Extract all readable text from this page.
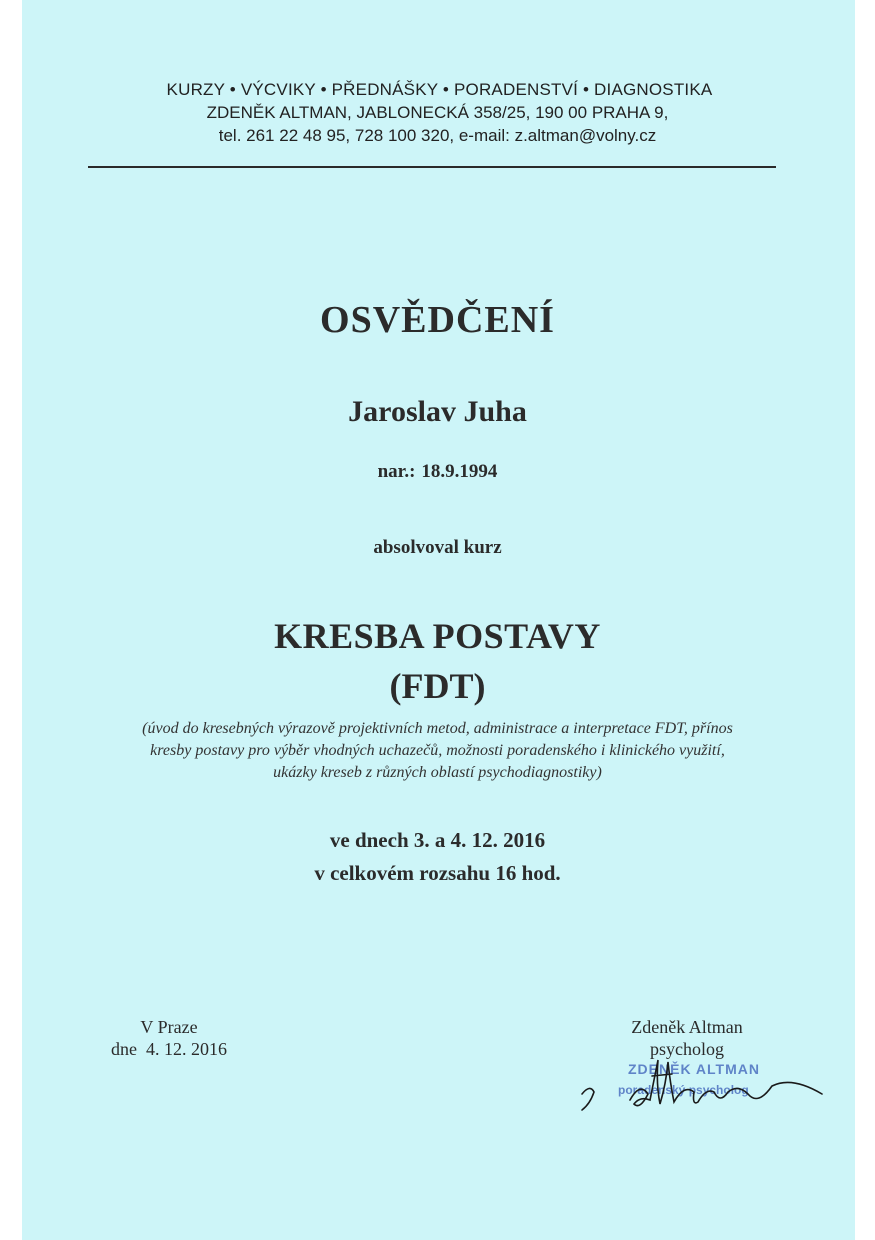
KURZY • VÝCVIKY • PŘEDNÁŠKY • PORADENSTVÍ • DIAGNOSTIKA
ZDENĚK ALTMAN, JABLONECKÁ 358/25, 190 00 PRAHA 9,
tel. 261 22 48 95, 728 100 320, e-mail: z.altman@volny.cz
OSVĚDČENÍ
Jaroslav Juha
nar.: 18.9.1994
absolvoval kurz
KRESBA POSTAVY
(FDT)
(úvod do kresebných výrazově projektivních metod, administrace a interpretace FDT, přínos
kresby postavy pro výběr vhodných uchazečů, možnosti poradenského i klinického využití,
ukázky kreseb z různých oblastí psychodiagnostiky)
ve dnech 3. a 4. 12. 2016
v celkovém rozsahu 16 hod.
V Praze
dne  4. 12. 2016
Zdeněk Altman
psycholog
ZDENĚK ALTMAN
poradenský psycholog
